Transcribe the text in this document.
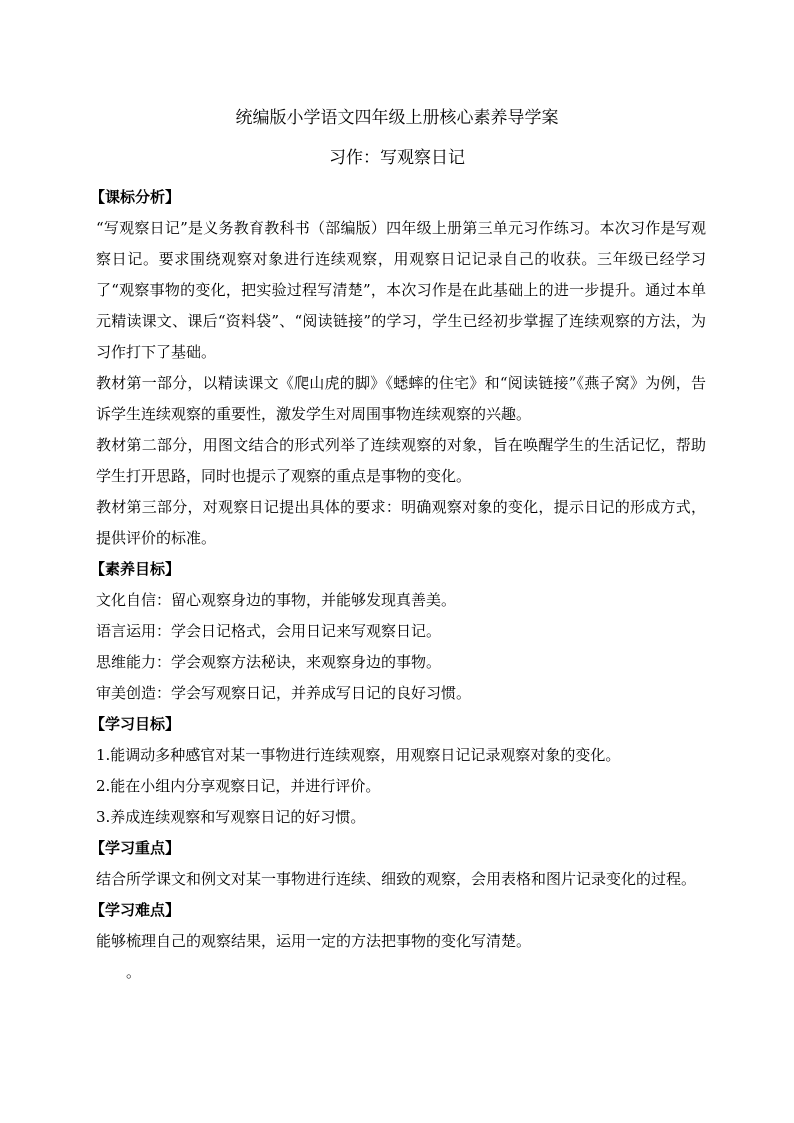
统编版小学语文四年级上册核心素养导学案
习作：写观察日记

【课标分析】

“写观察日记”是义务教育教科书（部编版）四年级上册第三单元习作练习。本次习作是写观察日记。要求围绕观察对象进行连续观察，用观察日记记录自己的收获。三年级已经学习了“观察事物的变化，把实验过程写清楚”，本次习作是在此基础上的进一步提升。通过本单元精读课文、课后“资料袋”、“阅读链接”的学习，学生已经初步掌握了连续观察的方法，为习作打下了基础。

教材第一部分，以精读课文《爬山虎的脚》《蟋蟀的住宅》和“阅读链接”《燕子窝》为例，告诉学生连续观察的重要性，激发学生对周围事物连续观察的兴趣。

教材第二部分，用图文结合的形式列举了连续观察的对象，旨在唤醒学生的生活记忆，帮助学生打开思路，同时也提示了观察的重点是事物的变化。

教材第三部分，对观察日记提出具体的要求：明确观察对象的变化，提示日记的形成方式，提供评价的标准。

【素养目标】

文化自信：留心观察身边的事物，并能够发现真善美。

语言运用：学会日记格式，会用日记来写观察日记。

思维能力：学会观察方法秘诀，来观察身边的事物。

审美创造：学会写观察日记，并养成写日记的良好习惯。

【学习目标】

1.能调动多种感官对某一事物进行连续观察，用观察日记记录观察对象的变化。

2.能在小组内分享观察日记，并进行评价。

3.养成连续观察和写观察日记的好习惯。

【学习重点】

结合所学课文和例文对某一事物进行连续、细致的观察，会用表格和图片记录变化的过程。

【学习难点】

能够梳理自己的观察结果，运用一定的方法把事物的变化写清楚。

。
